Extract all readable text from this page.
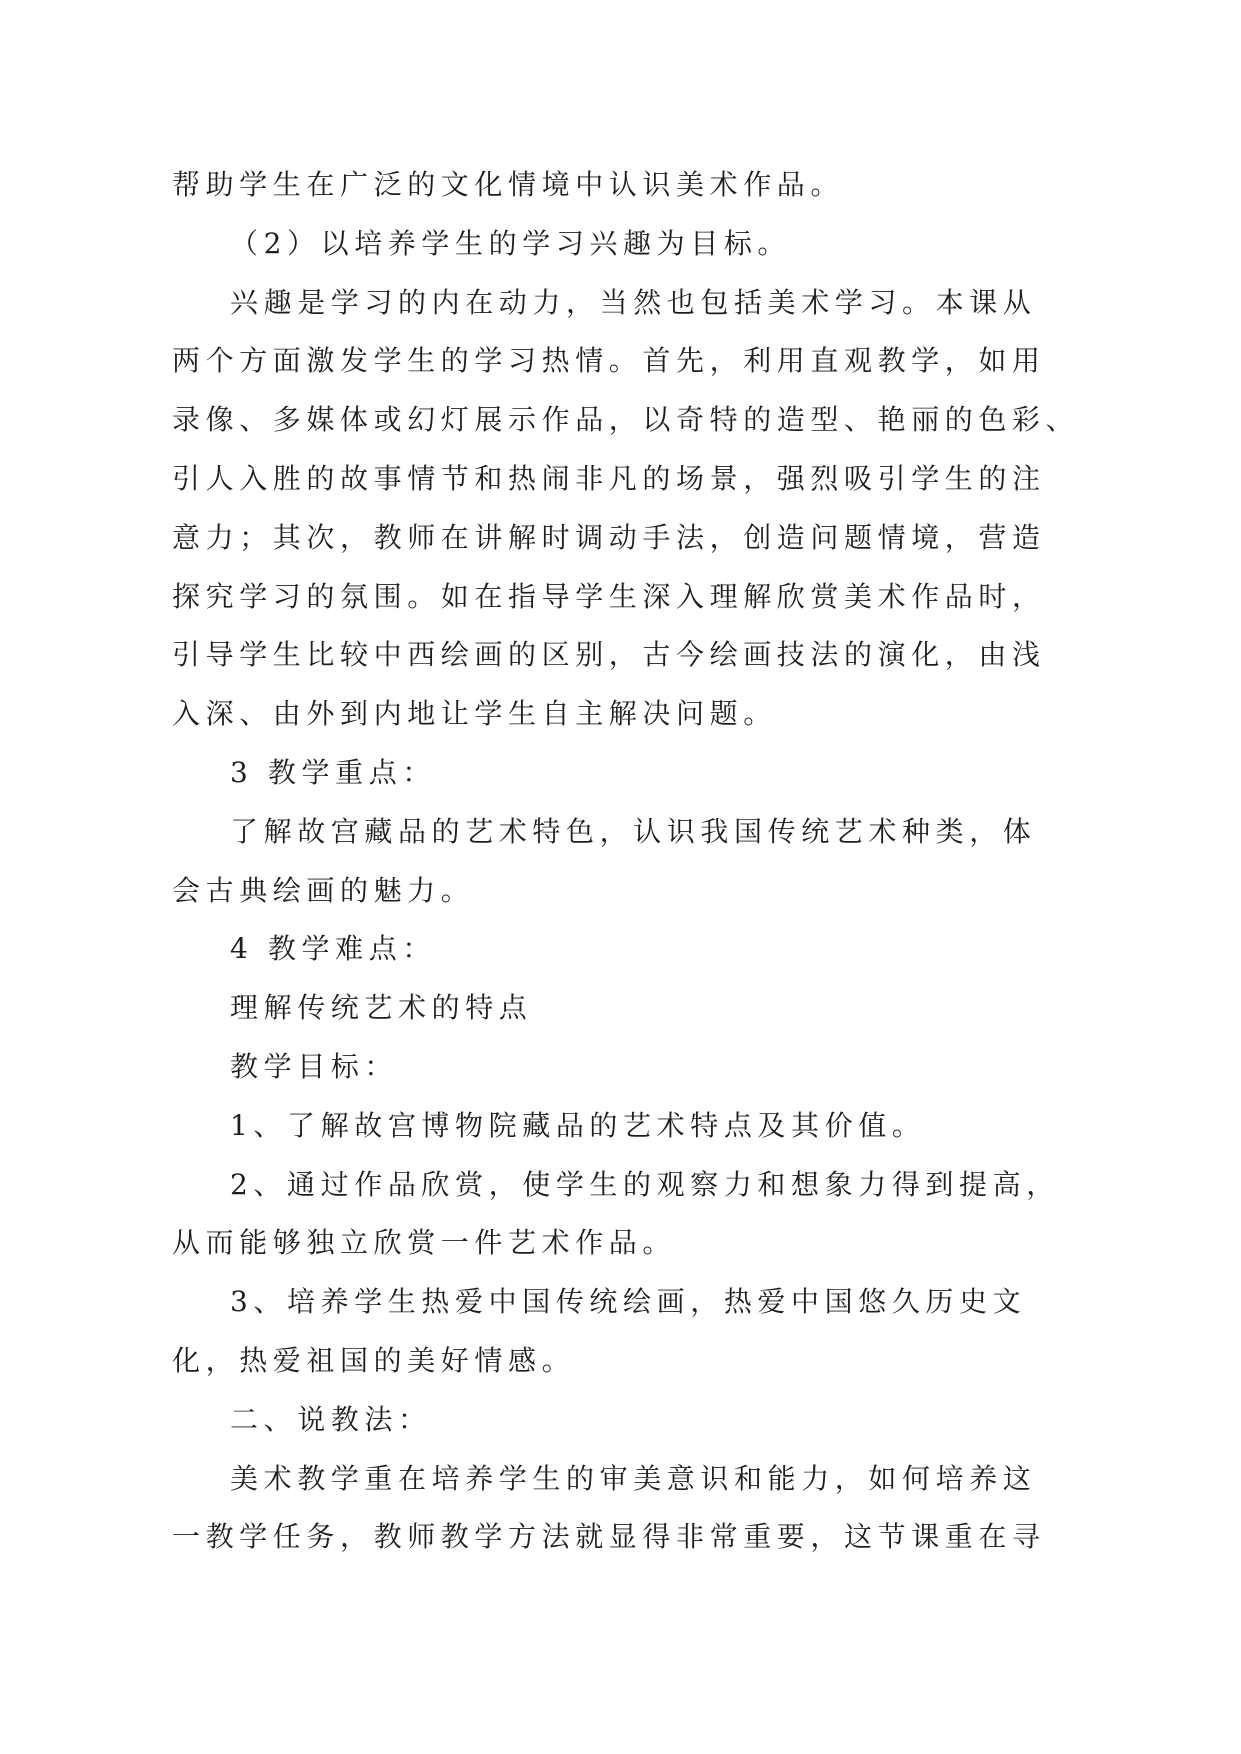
帮助学生在广泛的文化情境中认识美术作品。
（2）以培养学生的学习兴趣为目标。
兴趣是学习的内在动力，当然也包括美术学习。本课从
两个方面激发学生的学习热情。首先，利用直观教学，如用
录像、多媒体或幻灯展示作品，以奇特的造型、艳丽的色彩、
引人入胜的故事情节和热闹非凡的场景，强烈吸引学生的注
意力；其次，教师在讲解时调动手法，创造问题情境，营造
探究学习的氛围。如在指导学生深入理解欣赏美术作品时，
引导学生比较中西绘画的区别，古今绘画技法的演化，由浅
入深、由外到内地让学生自主解决问题。
3 教学重点：
了解故宫藏品的艺术特色，认识我国传统艺术种类，体
会古典绘画的魅力。
4 教学难点：
理解传统艺术的特点
教学目标：
1、了解故宫博物院藏品的艺术特点及其价值。
2、通过作品欣赏，使学生的观察力和想象力得到提高，
从而能够独立欣赏一件艺术作品。
3、培养学生热爱中国传统绘画，热爱中国悠久历史文
化，热爱祖国的美好情感。
二、说教法：
美术教学重在培养学生的审美意识和能力，如何培养这
一教学任务，教师教学方法就显得非常重要，这节课重在寻
